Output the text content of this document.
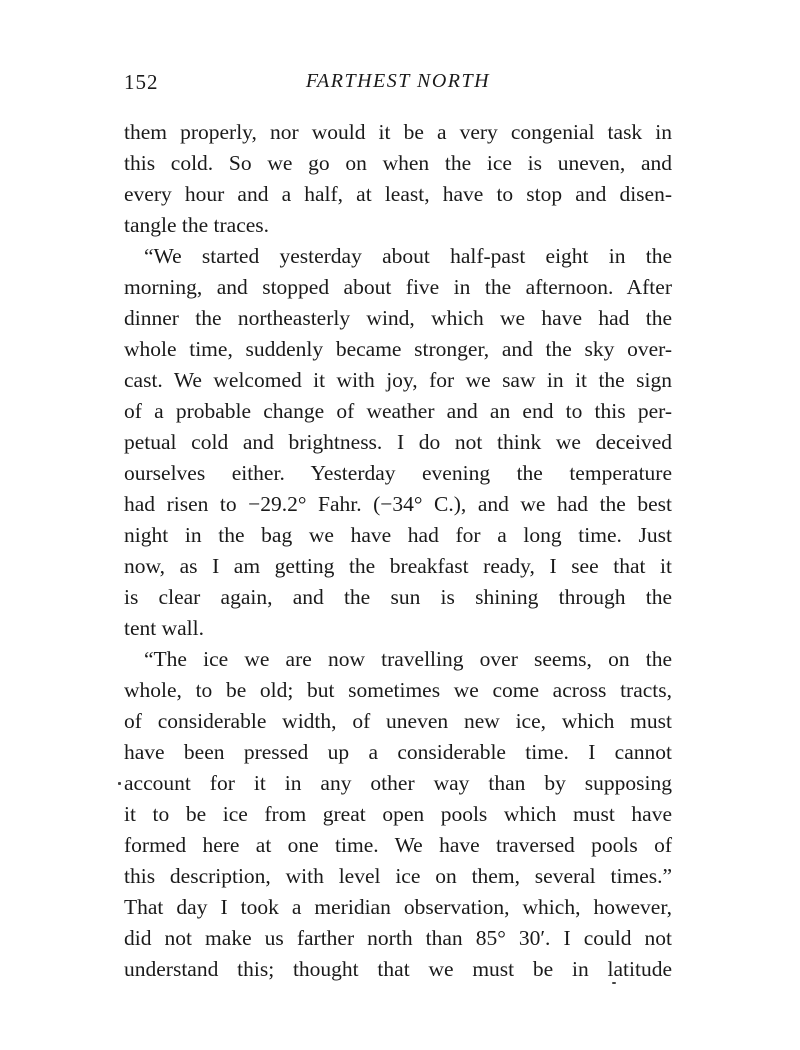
152	FARTHEST NORTH
them properly, nor would it be a very congenial task in
this cold. So we go on when the ice is uneven, and
every hour and a half, at least, have to stop and disen-
tangle the traces.
“We started yesterday about half-past eight in the
morning, and stopped about five in the afternoon. After
dinner the northeasterly wind, which we have had the
whole time, suddenly became stronger, and the sky over-
cast. We welcomed it with joy, for we saw in it the sign
of a probable change of weather and an end to this per-
petual cold and brightness. I do not think we deceived
ourselves either. Yesterday evening the temperature
had risen to −29.2° Fahr. (−34° C.), and we had the best
night in the bag we have had for a long time. Just
now, as I am getting the breakfast ready, I see that it
is clear again, and the sun is shining through the
tent wall.
“The ice we are now travelling over seems, on the
whole, to be old; but sometimes we come across tracts,
of considerable width, of uneven new ice, which must
have been pressed up a considerable time. I cannot
account for it in any other way than by supposing
it to be ice from great open pools which must have
formed here at one time. We have traversed pools of
this description, with level ice on them, several times.”
That day I took a meridian observation, which, however,
did not make us farther north than 85° 30′. I could not
understand this; thought that we must be in latitude
